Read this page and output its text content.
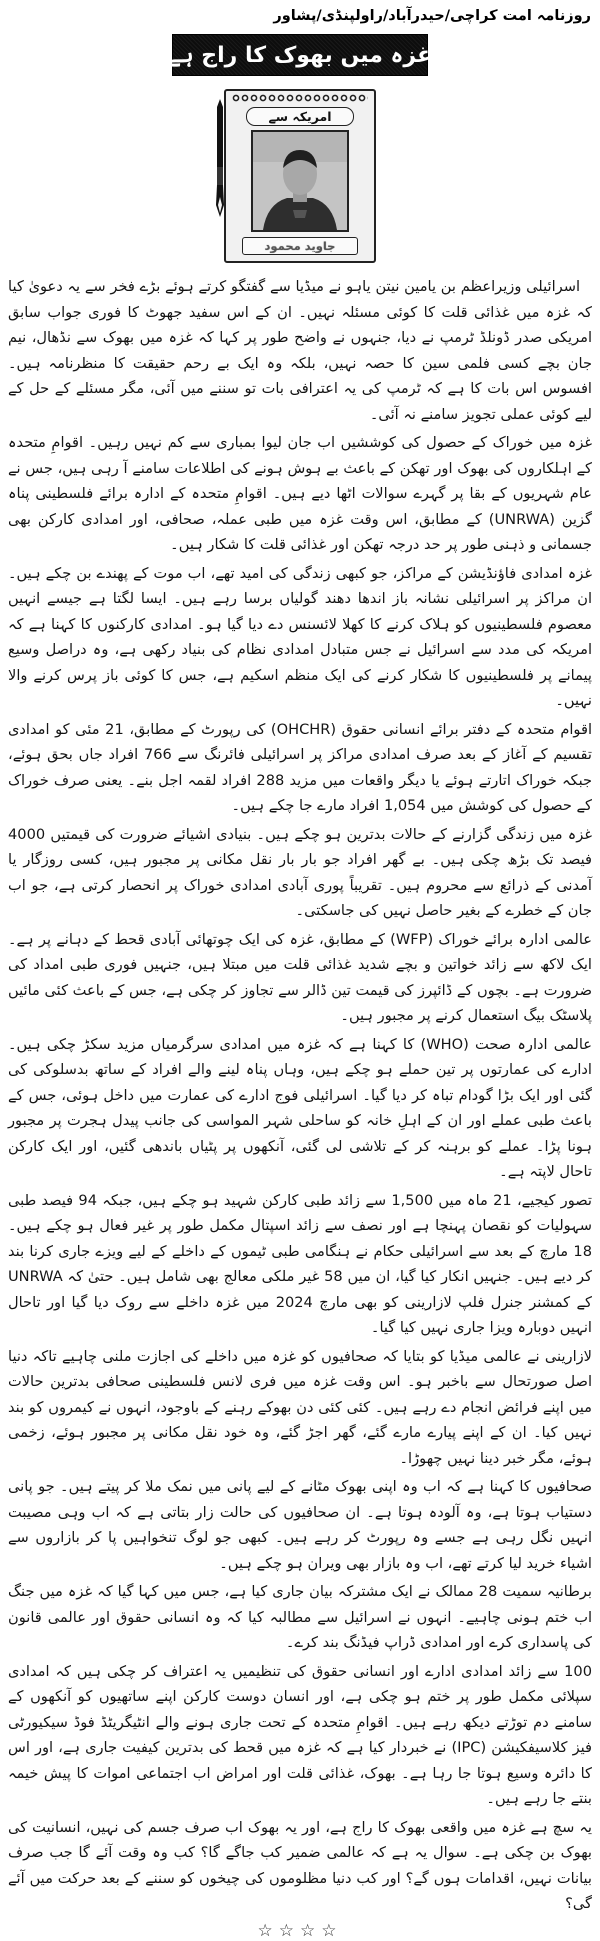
روزنامہ امت کراچی/حیدرآباد/راولپنڈی/پشاور
غزہ میں بھوک کا راج ہے
امریکہ سے
جاوید محمود

اسرائیلی وزیراعظم بن یامین نیتن یاہو نے میڈیا سے گفتگو کرتے ہوئے بڑے فخر سے یہ دعویٰ کیا کہ غزہ میں غذائی قلت کا کوئی مسئلہ نہیں۔ ان کے اس سفید جھوٹ کا فوری جواب سابق امریکی صدر ڈونلڈ ٹرمپ نے دیا، جنہوں نے واضح طور پر کہا کہ غزہ میں بھوک سے نڈھال، نیم جان بچے کسی فلمی سین کا حصہ نہیں، بلکہ وہ ایک بے رحم حقیقت کا منظرنامہ ہیں۔ افسوس اس بات کا ہے کہ ٹرمپ کی یہ اعترافی بات تو سننے میں آئی، مگر مسئلے کے حل کے لیے کوئی عملی تجویز سامنے نہ آئی۔

غزہ میں خوراک کے حصول کی کوششیں اب جان لیوا بمباری سے کم نہیں رہیں۔ اقوامِ متحدہ کے اہلکاروں کی بھوک اور تھکن کے باعث بے ہوش ہونے کی اطلاعات سامنے آ رہی ہیں، جس نے عام شہریوں کے بقا پر گہرے سوالات اٹھا دیے ہیں۔ اقوامِ متحدہ کے ادارہ برائے فلسطینی پناہ گزین (UNRWA) کے مطابق، اس وقت غزہ میں طبی عملہ، صحافی، اور امدادی کارکن بھی جسمانی و ذہنی طور پر حد درجہ تھکن اور غذائی قلت کا شکار ہیں۔

غزہ امدادی فاؤنڈیشن کے مراکز، جو کبھی زندگی کی امید تھے، اب موت کے پھندے بن چکے ہیں۔ ان مراکز پر اسرائیلی نشانہ باز اندھا دھند گولیاں برسا رہے ہیں۔ ایسا لگتا ہے جیسے انہیں معصوم فلسطینیوں کو ہلاک کرنے کا کھلا لائسنس دے دیا گیا ہو۔ امدادی کارکنوں کا کہنا ہے کہ امریکہ کی مدد سے اسرائیل نے جس متبادل امدادی نظام کی بنیاد رکھی ہے، وہ دراصل وسیع پیمانے پر فلسطینیوں کا شکار کرنے کی ایک منظم اسکیم ہے، جس کا کوئی باز پرس کرنے والا نہیں۔

اقوام متحدہ کے دفتر برائے انسانی حقوق (OHCHR) کی رپورٹ کے مطابق، 21 مئی کو امدادی تقسیم کے آغاز کے بعد صرف امدادی مراکز پر اسرائیلی فائرنگ سے 766 افراد جاں بحق ہوئے، جبکہ خوراک اتارتے ہوئے یا دیگر واقعات میں مزید 288 افراد لقمہ اجل بنے۔ یعنی صرف خوراک کے حصول کی کوشش میں 1,054 افراد مارے جا چکے ہیں۔

غزہ میں زندگی گزارنے کے حالات بدترین ہو چکے ہیں۔ بنیادی اشیائے ضرورت کی قیمتیں 4000 فیصد تک بڑھ چکی ہیں۔ بے گھر افراد جو بار بار نقل مکانی پر مجبور ہیں، کسی روزگار یا آمدنی کے ذرائع سے محروم ہیں۔ تقریباً پوری آبادی امدادی خوراک پر انحصار کرتی ہے، جو اب جان کے خطرے کے بغیر حاصل نہیں کی جاسکتی۔

عالمی ادارہ برائے خوراک (WFP) کے مطابق، غزہ کی ایک چوتھائی آبادی قحط کے دہانے پر ہے۔ ایک لاکھ سے زائد خواتین و بچے شدید غذائی قلت میں مبتلا ہیں، جنہیں فوری طبی امداد کی ضرورت ہے۔ بچوں کے ڈائپرز کی قیمت تین ڈالر سے تجاوز کر چکی ہے، جس کے باعث کئی مائیں پلاسٹک بیگ استعمال کرنے پر مجبور ہیں۔

عالمی ادارہ صحت (WHO) کا کہنا ہے کہ غزہ میں امدادی سرگرمیاں مزید سکڑ چکی ہیں۔ ادارے کی عمارتوں پر تین حملے ہو چکے ہیں، وہاں پناہ لینے والے افراد کے ساتھ بدسلوکی کی گئی اور ایک بڑا گودام تباہ کر دیا گیا۔ اسرائیلی فوج ادارے کی عمارت میں داخل ہوئی، جس کے باعث طبی عملے اور ان کے اہلِ خانہ کو ساحلی شہر المواسی کی جانب پیدل ہجرت پر مجبور ہونا پڑا۔ عملے کو برہنہ کر کے تلاشی لی گئی، آنکھوں پر پٹیاں باندھی گئیں، اور ایک کارکن تاحال لاپتہ ہے۔

تصور کیجیے، 21 ماہ میں 1,500 سے زائد طبی کارکن شہید ہو چکے ہیں، جبکہ 94 فیصد طبی سہولیات کو نقصان پہنچا ہے اور نصف سے زائد اسپتال مکمل طور پر غیر فعال ہو چکے ہیں۔ 18 مارچ کے بعد سے اسرائیلی حکام نے ہنگامی طبی ٹیموں کے داخلے کے لیے ویزے جاری کرنا بند کر دیے ہیں۔ جنہیں انکار کیا گیا، ان میں 58 غیر ملکی معالج بھی شامل ہیں۔ حتیٰ کہ UNRWA کے کمشنر جنرل فلپ لازارینی کو بھی مارچ 2024 میں غزہ داخلے سے روک دیا گیا اور تاحال انہیں دوبارہ ویزا جاری نہیں کیا گیا۔

لازارینی نے عالمی میڈیا کو بتایا کہ صحافیوں کو غزہ میں داخلے کی اجازت ملنی چاہیے تاکہ دنیا اصل صورتحال سے باخبر ہو۔ اس وقت غزہ میں فری لانس فلسطینی صحافی بدترین حالات میں اپنے فرائض انجام دے رہے ہیں۔ کئی کئی دن بھوکے رہنے کے باوجود، انہوں نے کیمروں کو بند نہیں کیا۔ ان کے اپنے پیارے مارے گئے، گھر اجڑ گئے، وہ خود نقل مکانی پر مجبور ہوئے، زخمی ہوئے، مگر خبر دینا نہیں چھوڑا۔

صحافیوں کا کہنا ہے کہ اب وہ اپنی بھوک مٹانے کے لیے پانی میں نمک ملا کر پیتے ہیں۔ جو پانی دستیاب ہوتا ہے، وہ آلودہ ہوتا ہے۔ ان صحافیوں کی حالت زار بتاتی ہے کہ اب وہی مصیبت انہیں نگل رہی ہے جسے وہ رپورٹ کر رہے ہیں۔ کبھی جو لوگ تنخواہیں پا کر بازاروں سے اشیاء خرید لیا کرتے تھے، اب وہ بازار بھی ویران ہو چکے ہیں۔

برطانیہ سمیت 28 ممالک نے ایک مشترکہ بیان جاری کیا ہے، جس میں کہا گیا کہ غزہ میں جنگ اب ختم ہونی چاہیے۔ انہوں نے اسرائیل سے مطالبہ کیا کہ وہ انسانی حقوق اور عالمی قانون کی پاسداری کرے اور امدادی ڈراپ فیڈنگ بند کرے۔

100 سے زائد امدادی ادارے اور انسانی حقوق کی تنظیمیں یہ اعتراف کر چکی ہیں کہ امدادی سپلائی مکمل طور پر ختم ہو چکی ہے، اور انسان دوست کارکن اپنے ساتھیوں کو آنکھوں کے سامنے دم توڑتے دیکھ رہے ہیں۔ اقوامِ متحدہ کے تحت جاری ہونے والے انٹیگریٹڈ فوڈ سیکیورٹی فیز کلاسیفکیشن (IPC) نے خبردار کیا ہے کہ غزہ میں قحط کی بدترین کیفیت جاری ہے، اور اس کا دائرہ وسیع ہوتا جا رہا ہے۔ بھوک، غذائی قلت اور امراض اب اجتماعی اموات کا پیش خیمہ بنتے جا رہے ہیں۔

یہ سچ ہے غزہ میں واقعی بھوک کا راج ہے، اور یہ بھوک اب صرف جسم کی نہیں، انسانیت کی بھوک بن چکی ہے۔ سوال یہ ہے کہ عالمی ضمیر کب جاگے گا؟ کب وہ وقت آئے گا جب صرف بیانات نہیں، اقدامات ہوں گے؟ اور کب دنیا مظلوموں کی چیخوں کو سننے کے بعد حرکت میں آئے گی؟

☆☆☆☆
